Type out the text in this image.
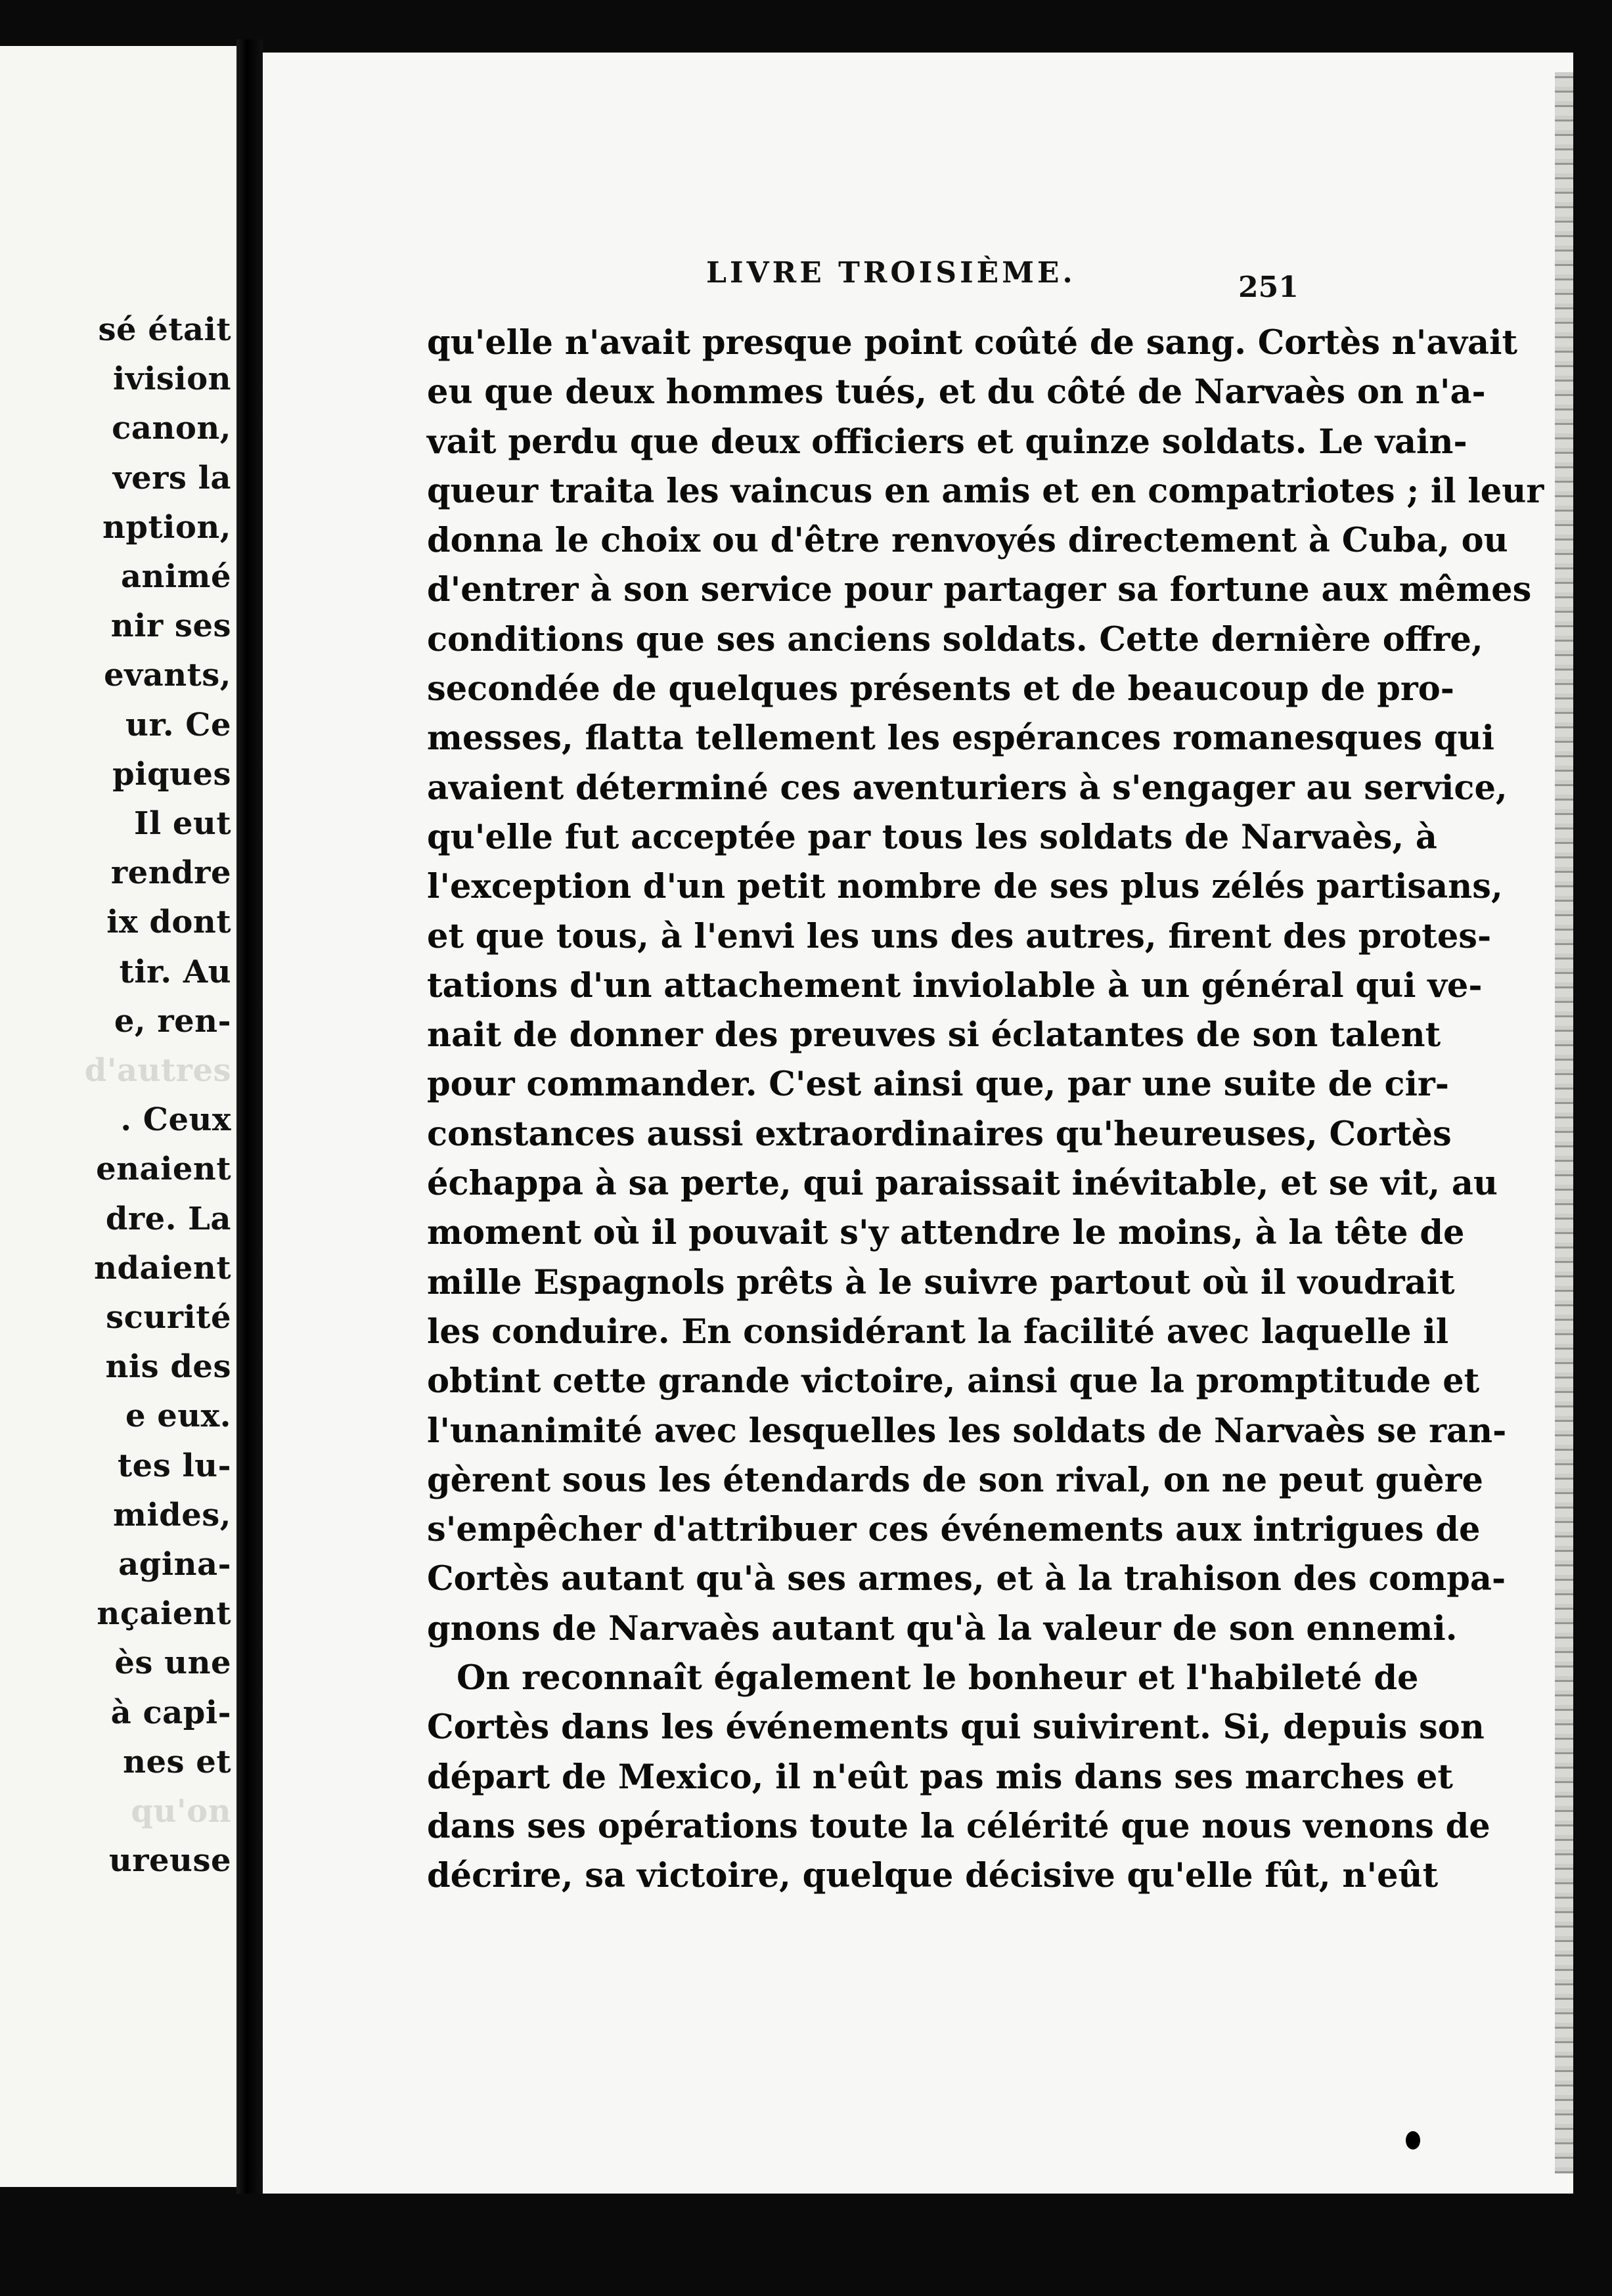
sé était
ivision
canon,
vers la
nption,
animé
nir ses
evants,
ur. Ce
piques
Il eut
rendre
ix dont
tir. Au
e, ren-
d'autres
. Ceux
enaient
dre. La
ndaient
scurité
nis des
e eux.
tes lu-
mides,
agina-
nçaient
ès une
à capi-
nes et
qu'on
ureuse
LIVRE TROISIÈME.	251
qu'elle n'avait presque point coûté de sang. Cortès n'avait
eu que deux hommes tués, et du côté de Narvaès on n'a-
vait perdu que deux officiers et quinze soldats. Le vain-
queur traita les vaincus en amis et en compatriotes ; il leur
donna le choix ou d'être renvoyés directement à Cuba, ou
d'entrer à son service pour partager sa fortune aux mêmes
conditions que ses anciens soldats. Cette dernière offre,
secondée de quelques présents et de beaucoup de pro-
messes, flatta tellement les espérances romanesques qui
avaient déterminé ces aventuriers à s'engager au service,
qu'elle fut acceptée par tous les soldats de Narvaès, à
l'exception d'un petit nombre de ses plus zélés partisans,
et que tous, à l'envi les uns des autres, firent des protes-
tations d'un attachement inviolable à un général qui ve-
nait de donner des preuves si éclatantes de son talent
pour commander. C'est ainsi que, par une suite de cir-
constances aussi extraordinaires qu'heureuses, Cortès
échappa à sa perte, qui paraissait inévitable, et se vit, au
moment où il pouvait s'y attendre le moins, à la tête de
mille Espagnols prêts à le suivre partout où il voudrait
les conduire. En considérant la facilité avec laquelle il
obtint cette grande victoire, ainsi que la promptitude et
l'unanimité avec lesquelles les soldats de Narvaès se ran-
gèrent sous les étendards de son rival, on ne peut guère
s'empêcher d'attribuer ces événements aux intrigues de
Cortès autant qu'à ses armes, et à la trahison des compa-
gnons de Narvaès autant qu'à la valeur de son ennemi.
On reconnaît également le bonheur et l'habileté de
Cortès dans les événements qui suivirent. Si, depuis son
départ de Mexico, il n'eût pas mis dans ses marches et
dans ses opérations toute la célérité que nous venons de
décrire, sa victoire, quelque décisive qu'elle fût, n'eût
